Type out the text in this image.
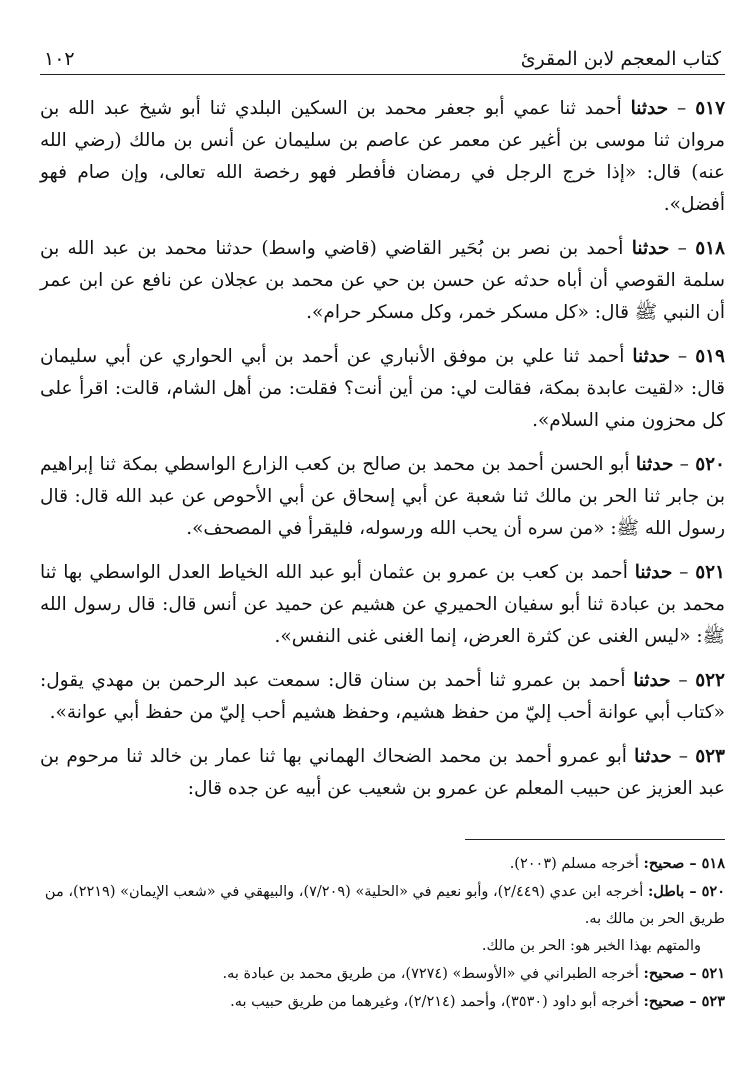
كتاب المعجم لابن المقرئ
١٠٢

٥١٧ – حدثنا أحمد ثنا عمي أبو جعفر محمد بن السكين البلدي ثنا أبو شيخ عبد الله بن مروان ثنا موسى بن أغير عن معمر عن عاصم بن سليمان عن أنس بن مالك (رضي الله عنه) قال: «إذا خرج الرجل في رمضان فأفطر فهو رخصة الله تعالى، وإن صام فهو أفضل».

٥١٨ – حدثنا أحمد بن نصر بن بُحَير القاضي (قاضي واسط) حدثنا محمد بن عبد الله بن سلمة القوصي أن أباه حدثه عن حسن بن حي عن محمد بن عجلان عن نافع عن ابن عمر أن النبي ﷺ قال: «كل مسكر خمر، وكل مسكر حرام».

٥١٩ – حدثنا أحمد ثنا علي بن موفق الأنباري عن أحمد بن أبي الحواري عن أبي سليمان قال: «لقيت عابدة بمكة، فقالت لي: من أين أنت؟ فقلت: من أهل الشام، قالت: اقرأ على كل محزون مني السلام».

٥٢٠ – حدثنا أبو الحسن أحمد بن محمد بن صالح بن كعب الزارع الواسطي بمكة ثنا إبراهيم بن جابر ثنا الحر بن مالك ثنا شعبة عن أبي إسحاق عن أبي الأحوص عن عبد الله قال: قال رسول الله ﷺ: «من سره أن يحب الله ورسوله، فليقرأ في المصحف».

٥٢١ – حدثنا أحمد بن كعب بن عمرو بن عثمان أبو عبد الله الخياط العدل الواسطي بها ثنا محمد بن عبادة ثنا أبو سفيان الحميري عن هشيم عن حميد عن أنس قال: قال رسول الله ﷺ: «ليس الغنى عن كثرة العرض، إنما الغنى غنى النفس».

٥٢٢ – حدثنا أحمد بن عمرو ثنا أحمد بن سنان قال: سمعت عبد الرحمن بن مهدي يقول: «كتاب أبي عوانة أحب إليّ من حفظ هشيم، وحفظ هشيم أحب إليّ من حفظ أبي عوانة».

٥٢٣ – حدثنا أبو عمرو أحمد بن محمد الضحاك الهماني بها ثنا عمار بن خالد ثنا مرحوم بن عبد العزيز عن حبيب المعلم عن عمرو بن شعيب عن أبيه عن جده قال:

٥١٨ – صحيح: أخرجه مسلم (٢٠٠٣).

٥٢٠ – باطل: أخرجه ابن عدي (٢/٤٤٩)، وأبو نعيم في «الحلية» (٧/٢٠٩)، والبيهقي في «شعب الإيمان» (٢٢١٩)، من طريق الحر بن مالك به.

والمتهم بهذا الخبر هو: الحر بن مالك.

٥٢١ – صحيح: أخرجه الطبراني في «الأوسط» (٧٢٧٤)، من طريق محمد بن عبادة به.

٥٢٣ – صحيح: أخرجه أبو داود (٣٥٣٠)، وأحمد (٢/٢١٤)، وغيرهما من طريق حبيب به.
